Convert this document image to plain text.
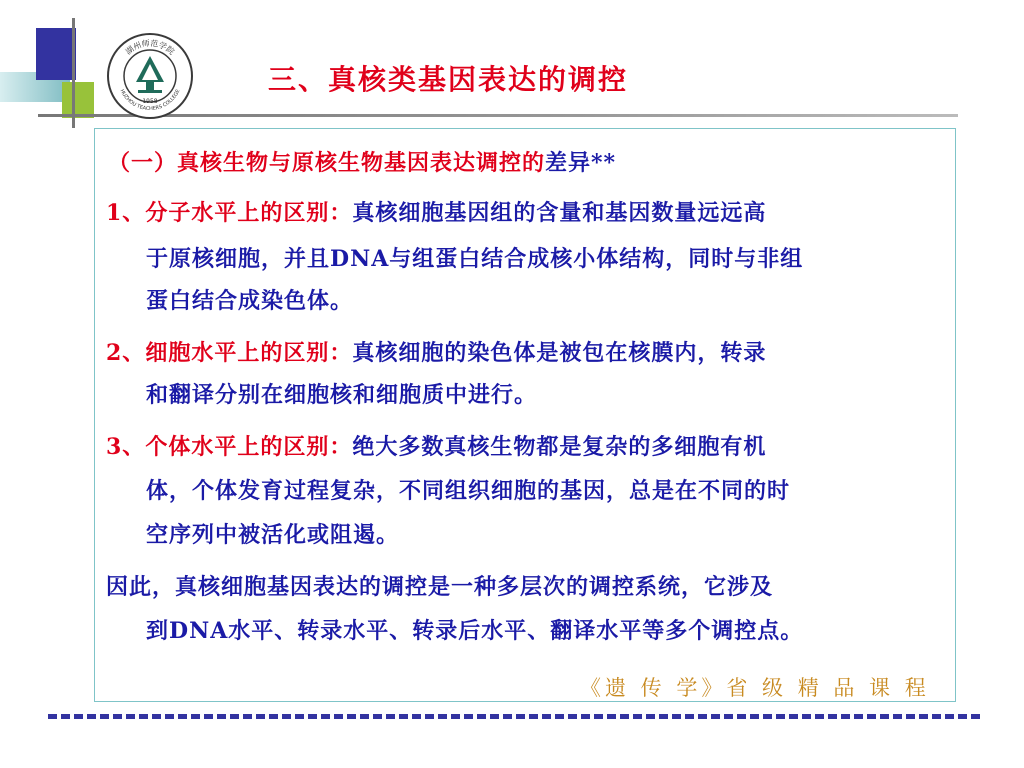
湖州师范学院
HUZHOU TEACHERS COLLEGE
1958
三、真核类基因表达的调控
（一）真核生物与原核生物基因表达调控的差异**
1、分子水平上的区别：真核细胞基因组的含量和基因数量远远高
于原核细胞，并且DNA与组蛋白结合成核小体结构，同时与非组
蛋白结合成染色体。
2、细胞水平上的区别：真核细胞的染色体是被包在核膜内，转录
和翻译分别在细胞核和细胞质中进行。
3、个体水平上的区别：绝大多数真核生物都是复杂的多细胞有机
体，个体发育过程复杂，不同组织细胞的基因，总是在不同的时
空序列中被活化或阻遏。
因此，真核细胞基因表达的调控是一种多层次的调控系统，它涉及
到DNA水平、转录水平、转录后水平、翻译水平等多个调控点。
《遗 传 学》省 级 精 品 课 程
